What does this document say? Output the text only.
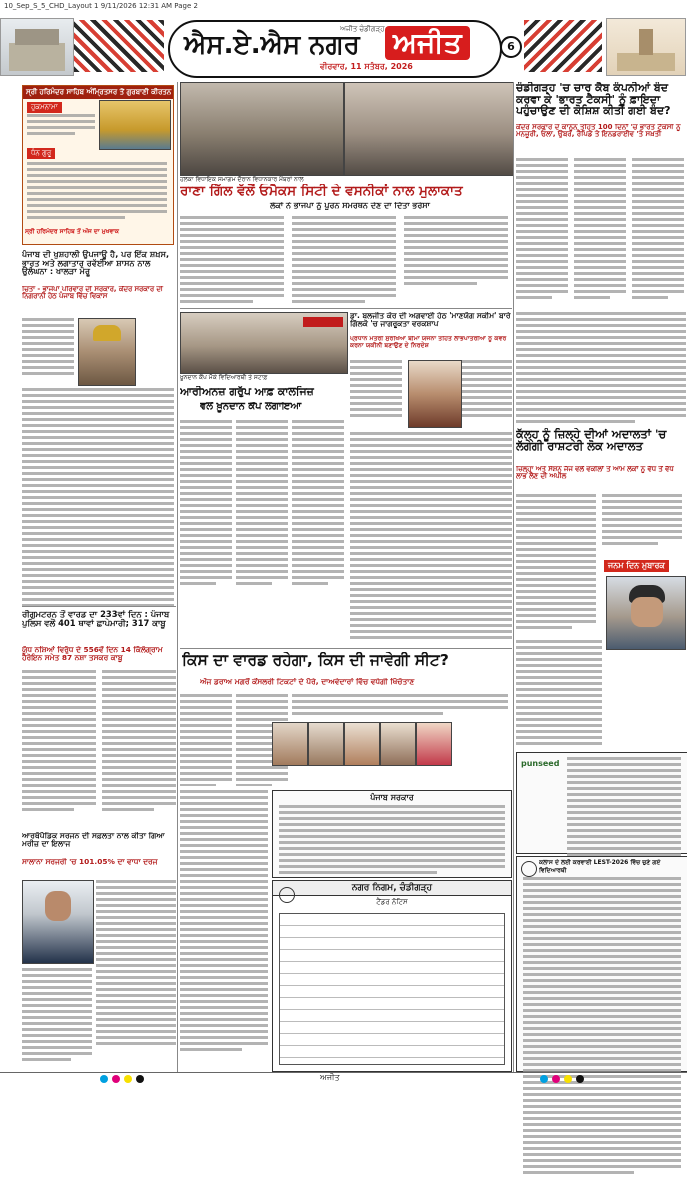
10_Sep_S_5_CHD_Layout 1 9/11/2026 12:31 AM Page 2
ਐਸ.ਏ.ਐਸ ਨਗਰ ਅਜੀਤ
ਅਜੀਤ ਚੰਡੀਗੜ੍ਹ
ਵੀਰਵਾਰ, 11 ਸਤੰਬਰ, 2026
6
ਸ੍ਰੀ ਹਰਿਮੰਦਰ ਸਾਹਿਬ ਅੰਮ੍ਰਿਤਸਰ ਤੋਂ ਗੁਰਬਾਣੀ ਕੀਰਤਨ
ਹੁਕਮਨਾਮਾ
ਧੰਨ ਗੁਰੂ
ਸ੍ਰੀ ਹਰਿਮੰਦਰ ਸਾਹਿਬ ਤੋਂ ਅੱਜ ਦਾ ਮੁਖਵਾਕ
ਹਲਕਾ ਵਿਧਾਇਕ ਸਮਾਗਮ ਦੌਰਾਨ ਵਿਧਾਨਕਾਰ ਮੈਂਬਰਾਂ ਨਾਲ
ਰਾਣਾ ਗਿੱਲ ਵੱਲੋਂ ਓਮੈਕਸ ਸਿਟੀ ਦੇ ਵਸਨੀਕਾਂ ਨਾਲ ਮੁਲਾਕਾਤ
ਲੋਕਾਂ ਨੇ ਭਾਜਪਾ ਨੂੰ ਪੂਰਨ ਸਮਰਥਨ ਦੇਣ ਦਾ ਦਿੱਤਾ ਭਰੋਸਾ
ਚੰਡੀਗੜ੍ਹ 'ਚ ਚਾਰ ਕੈਬ ਕੰਪਨੀਆਂ ਬੰਦ ਕਰਵਾ ਕੇ 'ਭਾਰਤ ਟੈਕਸੀ' ਨੂੰ ਫ਼ਾਇਦਾ ਪਹੁੰਚਾਉਣ ਦੀ ਕੋਸ਼ਿਸ਼ ਕੀਤੀ ਗਈ ਬੰਦ?
ਕੇਂਦਰ ਸਰਕਾਰ ਦੇ ਕਾਨੂੰਨ ਤਹਿਤ 100 ਦਿਨਾਂ 'ਚ ਭਾਰਤ ਟੈਕਸੀ ਨੂੰ ਮਨਜ਼ੂਰੀ, ਓਲਾ, ਉਬਰ, ਰੈਪਿਡੋ ਤੇ ਇਨਡਰਾਈਵ 'ਤੇ ਸਖ਼ਤੀ
ਪੰਜਾਬ ਦੀ ਖੁਸ਼ਹਾਲੀ ਉਪਜਾਊ ਹੈ, ਪਰ ਇੱਕ ਸ਼ਖ਼ਸ, ਭਾਰਤ ਅਤੇ ਲਗਾਤਾਰ ਰਵੱਈਆ ਸ਼ਾਸਨ ਨਾਲ ਉਲੰਘਨਾ : ਖਾਲੜਾ ਮੋਰੂ
ਚਿਤਾ - ਭਾਜਪਾ ਪਰਿਵਾਰ ਦੀ ਸਰਕਾਰ, ਕੇਂਦਰ ਸਰਕਾਰ ਦੀ ਨਿਗਰਾਨੀ ਹੇਠ ਪੰਜਾਬ ਵਿੱਚ ਵਿਕਾਸ
ਖ਼ੂਨਦਾਨ ਕੈਂਪ ਮੌਕੇ ਵਿਦਿਆਰਥੀ ਤੇ ਸਟਾਫ਼
ਆਰੀਅਨਜ਼ ਗਰੁੱਪ ਆਫ਼ ਕਾਲਜਿਜ਼
ਵਲੋਂ ਖ਼ੂਨਦਾਨ ਕੈਂਪ ਲਗਾਇਆ
ਡਾ. ਬਲਜੀਤ ਕੌਰ ਦੀ ਅਗਵਾਈ ਹੇਠ 'ਮਾਣਯੋਗ ਸਕੀਮ' ਬਾਰੇ ਗਿੱਲਕੋ 'ਚ ਜਾਗਰੂਕਤਾ ਵਰਕਸ਼ਾਪ
ਪ੍ਰਧਾਨ ਮੰਤਰੀ ਸੁਰੱਖਿਆ ਬੀਮਾ ਯੋਜਨਾ ਤਹਿਤ ਲਾਭਪਾਤਰੀਆਂ ਨੂੰ ਕਵਰ ਕਰਨਾ ਯਕੀਨੀ ਬਣਾਉਣ ਦੇ ਨਿਰਦੇਸ਼
ਕੱਲ੍ਹ ਨੂੰ ਜ਼ਿਲ੍ਹੇ ਦੀਆਂ ਅਦਾਲਤਾਂ 'ਚ ਲੱਗੇਗੀ ਰਾਸ਼ਟਰੀ ਲੋਕ ਅਦਾਲਤ
ਜ਼ਿਲ੍ਹਾ ਅਤੇ ਸੈਸ਼ਨ ਜੱਜ ਵਲੋਂ ਵਕੀਲਾਂ ਤੇ ਆਮ ਲੋਕਾਂ ਨੂੰ ਵੱਧ ਤੋਂ ਵੱਧ ਲਾਭ ਲੈਣ ਦੀ ਅਪੀਲ
ਜਨਮ ਦਿਨ ਮੁਬਾਰਕ
ਰੀਗੁਮਟਰਨ ਤੋਂ ਵਾਰਡ ਦਾ 233ਵਾਂ ਦਿਨ : ਪੰਜਾਬ ਪੁਲਿਸ ਵਲੋਂ 401 ਥਾਵਾਂ ਛਾਪੇਮਾਰੀ; 317 ਕਾਬੂ
ਯੁੱਧ ਨਸ਼ਿਆਂ ਵਿਰੁੱਧ ਦੇ 556ਵੇਂ ਦਿਨ 14 ਕਿੱਲੋਗ੍ਰਾਮ ਹੈਰੋਇਨ ਸਮੇਤ 87 ਨਸ਼ਾ ਤਸਕਰ ਕਾਬੂ	ਕਿਸ ਦਾ ਵਾਰਡ ਰਹੇਗਾ, ਕਿਸ ਦੀ ਜਾਵੇਗੀ ਸੀਟ?
ਅੱਜ ਡਰਾਅ ਮਗਰੋਂ ਕੌਂਸਲਰੀ ਟਿਕਟਾਂ ਦੇ ਪੈਰੇ, ਦਾਅਵੇਦਾਰਾਂ ਵਿੱਚ ਵਧੇਗੀ ਖਿੱਚੋਤਾਣ
ਆਰਥੋਪੈਡਿਕ ਸਰਜਨ ਦੀ ਸਫ਼ਲਤਾ ਨਾਲ ਕੀਤਾ ਗਿਆ ਮਰੀਜ਼ ਦਾ ਇਲਾਜ
ਸਾਲਾਨਾ ਸਰਜਰੀ 'ਚ 101.05% ਦਾ ਵਾਧਾ ਦਰਜ
ਪੰਜਾਬ ਸਰਕਾਰ
ਨਗਰ ਨਿਗਮ, ਚੰਡੀਗੜ੍ਹ
ਟੈਂਡਰ ਨੋਟਿਸ
punseed
ਕਲਾਸ ਦੇ ਲਈ ਕਰਵਾਈ LEST-2026 ਵਿੱਚ ਚੁਣੇ ਗਏ ਵਿਦਿਆਰਥੀ
ਅਜੀਤ
